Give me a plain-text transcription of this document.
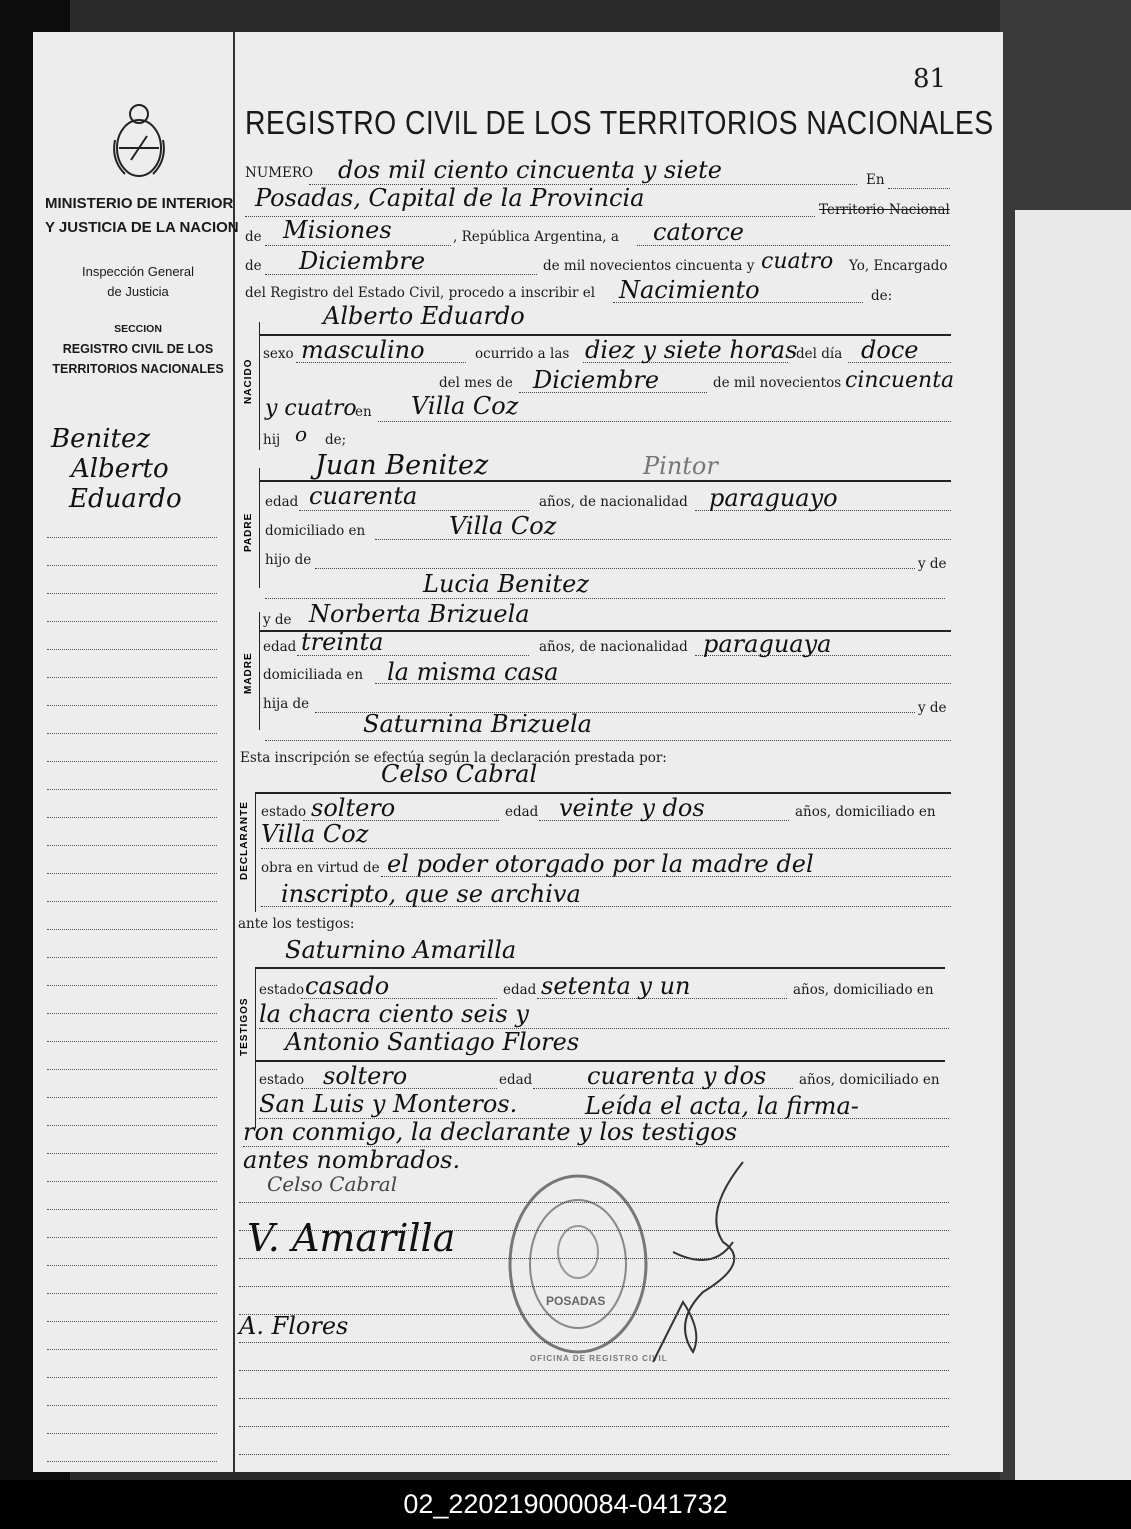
MINISTERIO DE INTERIOR
Y JUSTICIA DE LA NACION
Inspección General
de Justicia
SECCION
REGISTRO CIVIL DE LOS
TERRITORIOS NACIONALES
Benitez
Alberto
Eduardo
81
REGISTRO CIVIL DE LOS TERRITORIOS NACIONALES
NUMERO dos mil ciento cincuenta y siete	En
Posadas, Capital de la Provincia	Territorio Nacional
de Misiones	, República Argentina, a catorce
de Diciembre	de mil novecientos cincuenta y cuatro Yo, Encargado
del Registro del Estado Civil, procedo a inscribir el Nacimiento	de:
NACIDO
Alberto Eduardo
sexo masculino	ocurrido a las diez y siete horas
del día doce
del mes de Diciembre	de mil novecientos cincuenta
y cuatro
en Villa Coz
hij o de;
PADRE
Juan Benitez	Pintor
edad cuarenta	años, de nacionalidad paraguayo
domiciliado en	Villa Coz
hijo de	y de
Lucia Benitez
MADRE
y de Norberta Brizuela
edad treinta	años, de nacionalidad paraguaya
domiciliada en la misma casa
hija de	y de
Saturnina Brizuela
Esta inscripción se efectúa según la declaración prestada por:
Celso Cabral
DECLARANTE estado soltero	edad veinte y dos	años, domiciliado en
Villa Coz
obra en virtud de el poder otorgado por la madre del
inscripto, que se archiva
ante los testigos:
Saturnino Amarilla
TESTIGOS
estado casado	edad setenta y un	años, domiciliado en
la chacra ciento seis y
Antonio Santiago Flores
estado soltero	edad cuarenta y dos años, domiciliado en
San Luis y Monteros.	Leída el acta, la firma-
ron conmigo, la declarante y los testigos
antes nombrados.
Celso Cabral
V. Amarilla
A. Flores
POSADAS
OFICINA DE REGISTRO CIVIL
02_220219000084-041732
